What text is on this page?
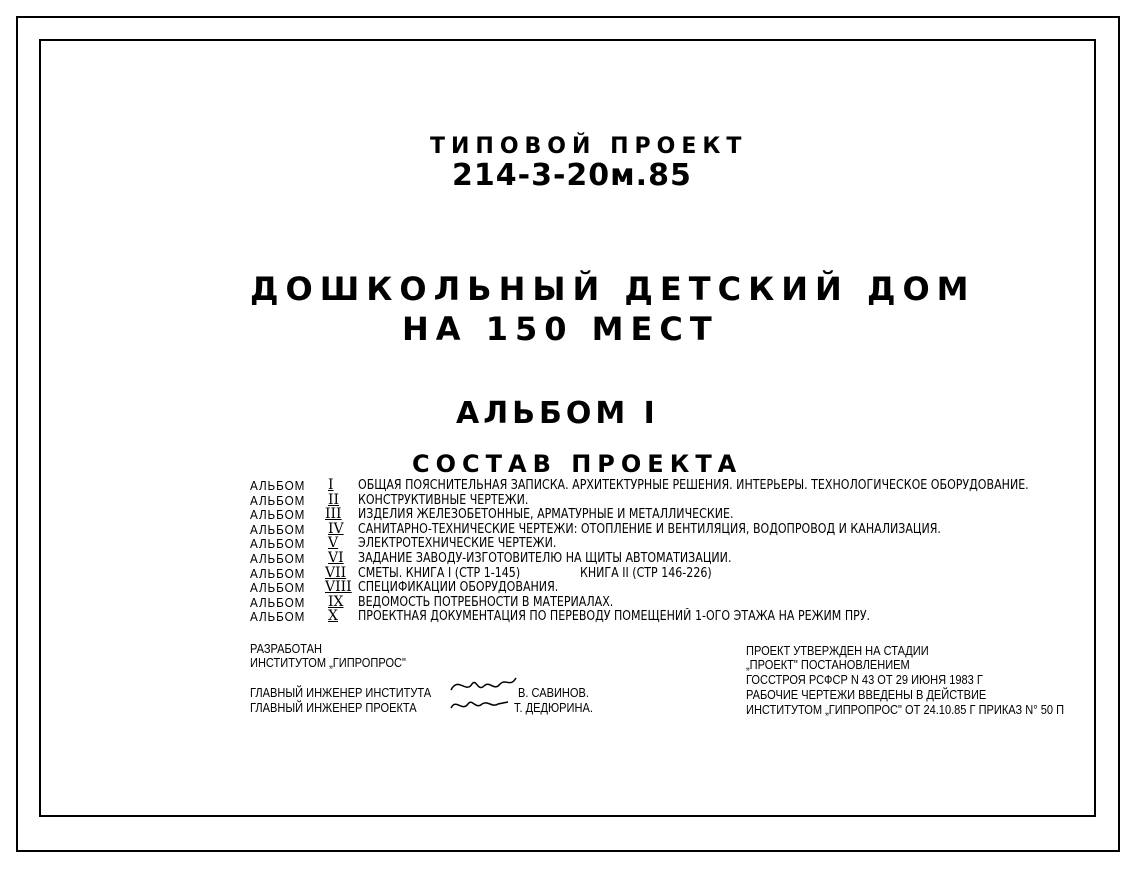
ТИПОВОЙ ПРОЕКТ
214-3-20м.85
ДОШКОЛЬНЫЙ ДЕТСКИЙ ДОМ
НА 150 МЕСТ
АЛЬБОМ I
СОСТАВ ПРОЕКТА
АЛЬБОМ I ОБЩАЯ ПОЯСНИТЕЛЬНАЯ ЗАПИСКА. АРХИТЕКТУРНЫЕ РЕШЕНИЯ. ИНТЕРЬЕРЫ. ТЕХНОЛОГИЧЕСКОЕ ОБОРУДОВАНИЕ.
АЛЬБОМ II КОНСТРУКТИВНЫЕ ЧЕРТЕЖИ.
АЛЬБОМ III ИЗДЕЛИЯ ЖЕЛЕЗОБЕТОННЫЕ, АРМАТУРНЫЕ И МЕТАЛЛИЧЕСКИЕ.
АЛЬБОМ IV САНИТАРНО-ТЕХНИЧЕСКИЕ ЧЕРТЕЖИ: ОТОПЛЕНИЕ И ВЕНТИЛЯЦИЯ, ВОДОПРОВОД И КАНАЛИЗАЦИЯ.
АЛЬБОМ V ЭЛЕКТРОТЕХНИЧЕСКИЕ ЧЕРТЕЖИ.
АЛЬБОМ VI ЗАДАНИЕ ЗАВОДУ-ИЗГОТОВИТЕЛЮ НА ЩИТЫ АВТОМАТИЗАЦИИ.
АЛЬБОМ VII СМЕТЫ. КНИГА I (СТР 1-145)	КНИГА II (СТР 146-226)
АЛЬБОМ VIII СПЕЦИФИКАЦИИ ОБОРУДОВАНИЯ.
АЛЬБОМ IX ВЕДОМОСТЬ ПОТРЕБНОСТИ В МАТЕРИАЛАХ.
АЛЬБОМ X ПРОЕКТНАЯ ДОКУМЕНТАЦИЯ ПО ПЕРЕВОДУ ПОМЕЩЕНИЙ 1-ОГО ЭТАЖА НА РЕЖИМ ПРУ.
РАЗРАБОТАН
ИНСТИТУТОМ „ГИПРОПРОС"
ГЛАВНЫЙ ИНЖЕНЕР ИНСТИТУТА	В. САВИНОВ.
ГЛАВНЫЙ ИНЖЕНЕР ПРОЕКТА	Т. ДЕДЮРИНА.
ПРОЕКТ УТВЕРЖДЕН НА СТАДИИ
„ПРОЕКТ" ПОСТАНОВЛЕНИЕМ
ГОССТРОЯ РСФСР N 43 ОТ 29 ИЮНЯ 1983 Г
РАБОЧИЕ ЧЕРТЕЖИ ВВЕДЕНЫ В ДЕЙСТВИЕ
ИНСТИТУТОМ „ГИПРОПРОС" ОТ 24.10.85 Г ПРИКАЗ N° 50 П
